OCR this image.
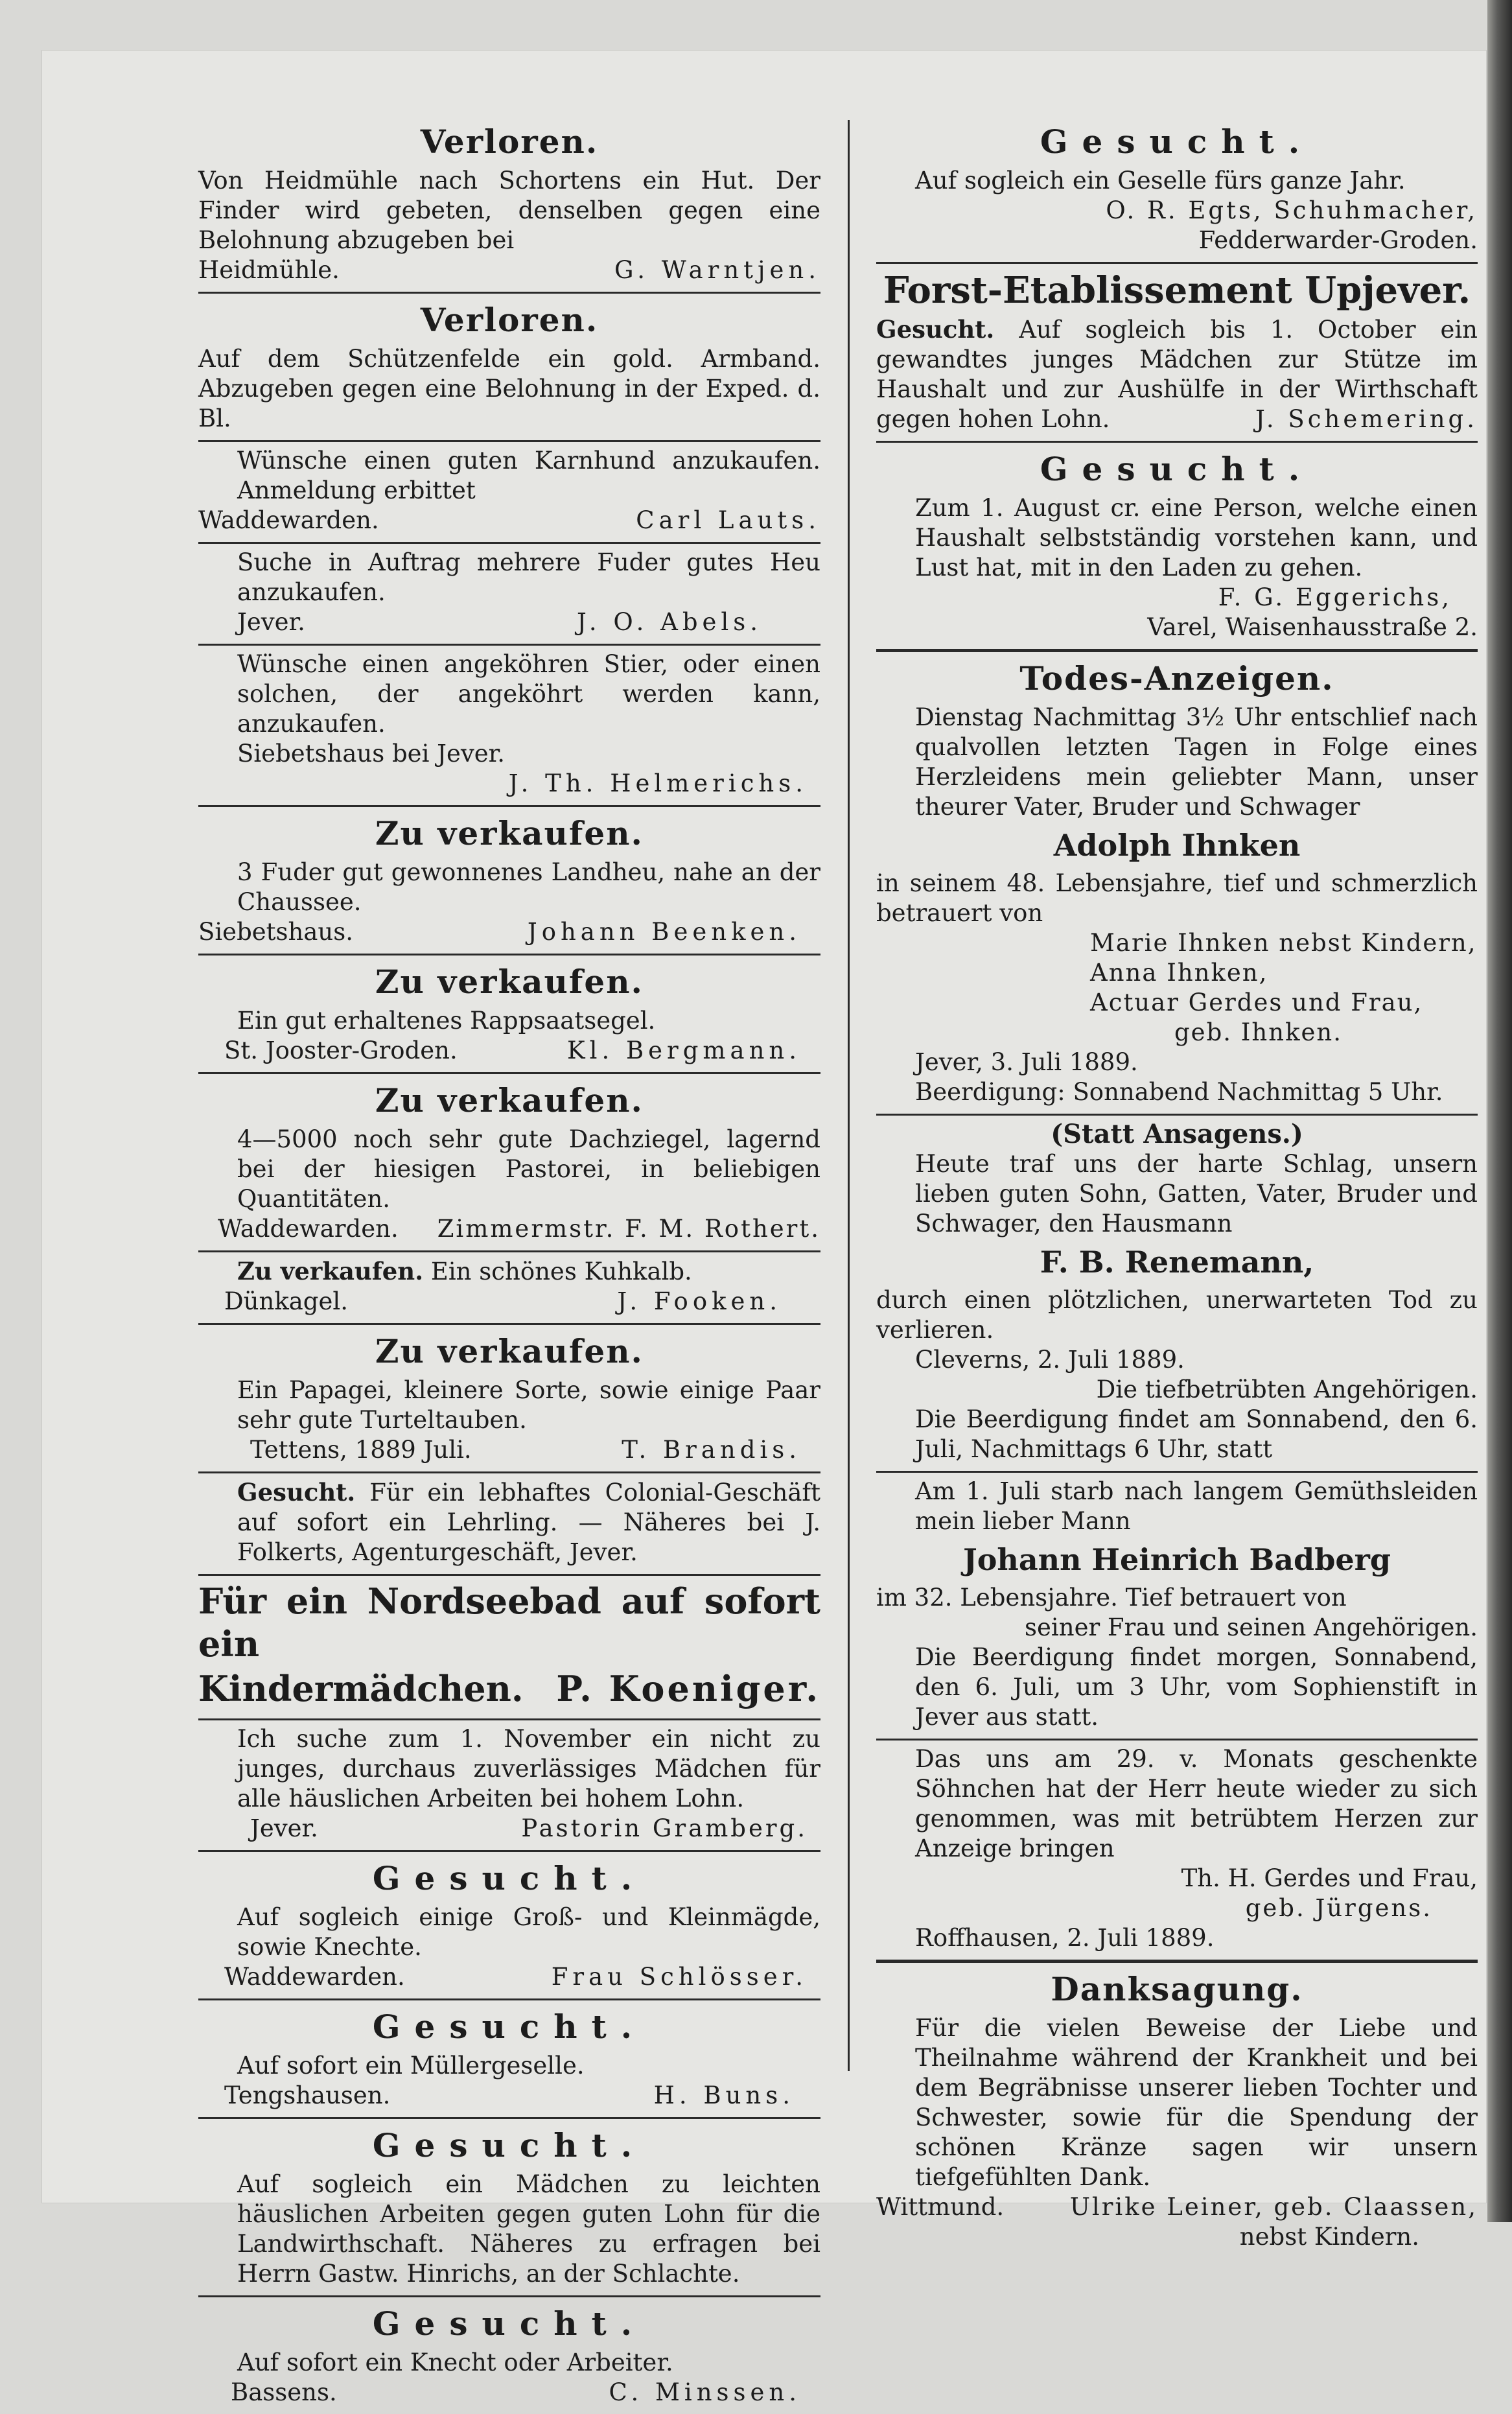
Verloren.

Von Heidmühle nach Schortens ein Hut. Der Finder wird gebeten, denselben gegen eine Belohnung abzugeben bei

Heidmühle.	G. Warntjen.
Verloren.

Auf dem Schützenfelde ein gold. Armband. Abzugeben gegen eine Belohnung in der Exped. d. Bl.

Wünsche einen guten Karnhund anzukaufen. Anmeldung erbittet

Waddewarden.	Carl Lauts.

Suche in Auftrag mehrere Fuder gutes Heu anzukaufen.

Jever.	J. O. Abels.

Wünsche einen angeköhren Stier, oder einen solchen, der angeköhrt werden kann, anzukaufen.

Siebetshaus bei Jever.

J. Th. Helmerichs.
Zu verkaufen.

3 Fuder gut gewonnenes Landheu, nahe an der Chaussee.

Siebetshaus.	Johann Beenken.
Zu verkaufen.

Ein gut erhaltenes Rappsaatsegel.

St. Jooster-Groden.	Kl. Bergmann.
Zu verkaufen.

4—5000 noch sehr gute Dachziegel, lagernd bei der hiesigen Pastorei, in beliebigen Quantitäten.

Waddewarden. Zimmermstr. F. M. Rothert.

Zu verkaufen. Ein schönes Kuhkalb.

Dünkagel.	J. Fooken.
Zu verkaufen.

Ein Papagei, kleinere Sorte, sowie einige Paar sehr gute Turteltauben.

Tettens, 1889 Juli.	T. Brandis.

Gesucht. Für ein lebhaftes Colonial-Geschäft auf sofort ein Lehrling. — Näheres bei J. Folkerts, Agenturgeschäft, Jever.

Für ein Nordseebad auf sofort ein
Kindermädchen. P. Koeniger.

Ich suche zum 1. November ein nicht zu junges, durchaus zuverlässiges Mädchen für alle häuslichen Arbeiten bei hohem Lohn.

Jever.	Pastorin Gramberg.
Gesucht.

Auf sogleich einige Groß- und Kleinmägde, sowie Knechte.

Waddewarden.	Frau Schlösser.
Gesucht.

Auf sofort ein Müllergeselle.

Tengshausen.	H. Buns.
Gesucht.

Auf sogleich ein Mädchen zu leichten häuslichen Arbeiten gegen guten Lohn für die Landwirthschaft. Näheres zu erfragen bei Herrn Gastw. Hinrichs, an der Schlachte.

Gesucht.

Auf sofort ein Knecht oder Arbeiter.

Bassens.	C. Minssen.
Gesucht.

Auf sogleich ein Geselle fürs ganze Jahr.

O. R. Egts, Schuhmacher,
Fedderwarder-Groden.
Forst-Etablissement Upjever.

Gesucht. Auf sogleich bis 1. October ein gewandtes junges Mädchen zur Stütze im Haushalt und zur Aushülfe in der Wirthschaft gegen hohen Lohn.	J. Schemering.
Gesucht.

Zum 1. August cr. eine Person, welche einen Haushalt selbstständig vorstehen kann, und Lust hat, mit in den Laden zu gehen.

F. G. Eggerichs,
Varel, Waisenhausstraße 2.
Todes-Anzeigen.

Dienstag Nachmittag 3½ Uhr entschlief nach qualvollen letzten Tagen in Folge eines Herzleidens mein geliebter Mann, unser theurer Vater, Bruder und Schwager

Adolph Ihnken

in seinem 48. Lebensjahre, tief und schmerzlich betrauert von

Marie Ihnken nebst Kindern,
Anna Ihnken,
Actuar Gerdes und Frau,
geb. Ihnken.

Jever, 3. Juli 1889.

Beerdigung: Sonnabend Nachmittag 5 Uhr.

(Statt Ansagens.)

Heute traf uns der harte Schlag, unsern lieben guten Sohn, Gatten, Vater, Bruder und Schwager, den Hausmann

F. B. Renemann,

durch einen plötzlichen, unerwarteten Tod zu verlieren.

Cleverns, 2. Juli 1889.

Die tiefbetrübten Angehörigen.

Die Beerdigung findet am Sonnabend, den 6. Juli, Nachmittags 6 Uhr, statt

Am 1. Juli starb nach langem Gemüthsleiden mein lieber Mann

Johann Heinrich Badberg

im 32. Lebensjahre. Tief betrauert von

seiner Frau und seinen Angehörigen.

Die Beerdigung findet morgen, Sonnabend, den 6. Juli, um 3 Uhr, vom Sophienstift in Jever aus statt.

Das uns am 29. v. Monats geschenkte Söhnchen hat der Herr heute wieder zu sich genommen, was mit betrübtem Herzen zur Anzeige bringen

Th. H. Gerdes und Frau,
geb. Jürgens.

Roffhausen, 2. Juli 1889.

Danksagung.

Für die vielen Beweise der Liebe und Theilnahme während der Krankheit und bei dem Begräbnisse unserer lieben Tochter und Schwester, sowie für die Spendung der schönen Kränze sagen wir unsern tiefgefühlten Dank.

Wittmund.	Ulrike Leiner, geb. Claassen,
nebst Kindern.
